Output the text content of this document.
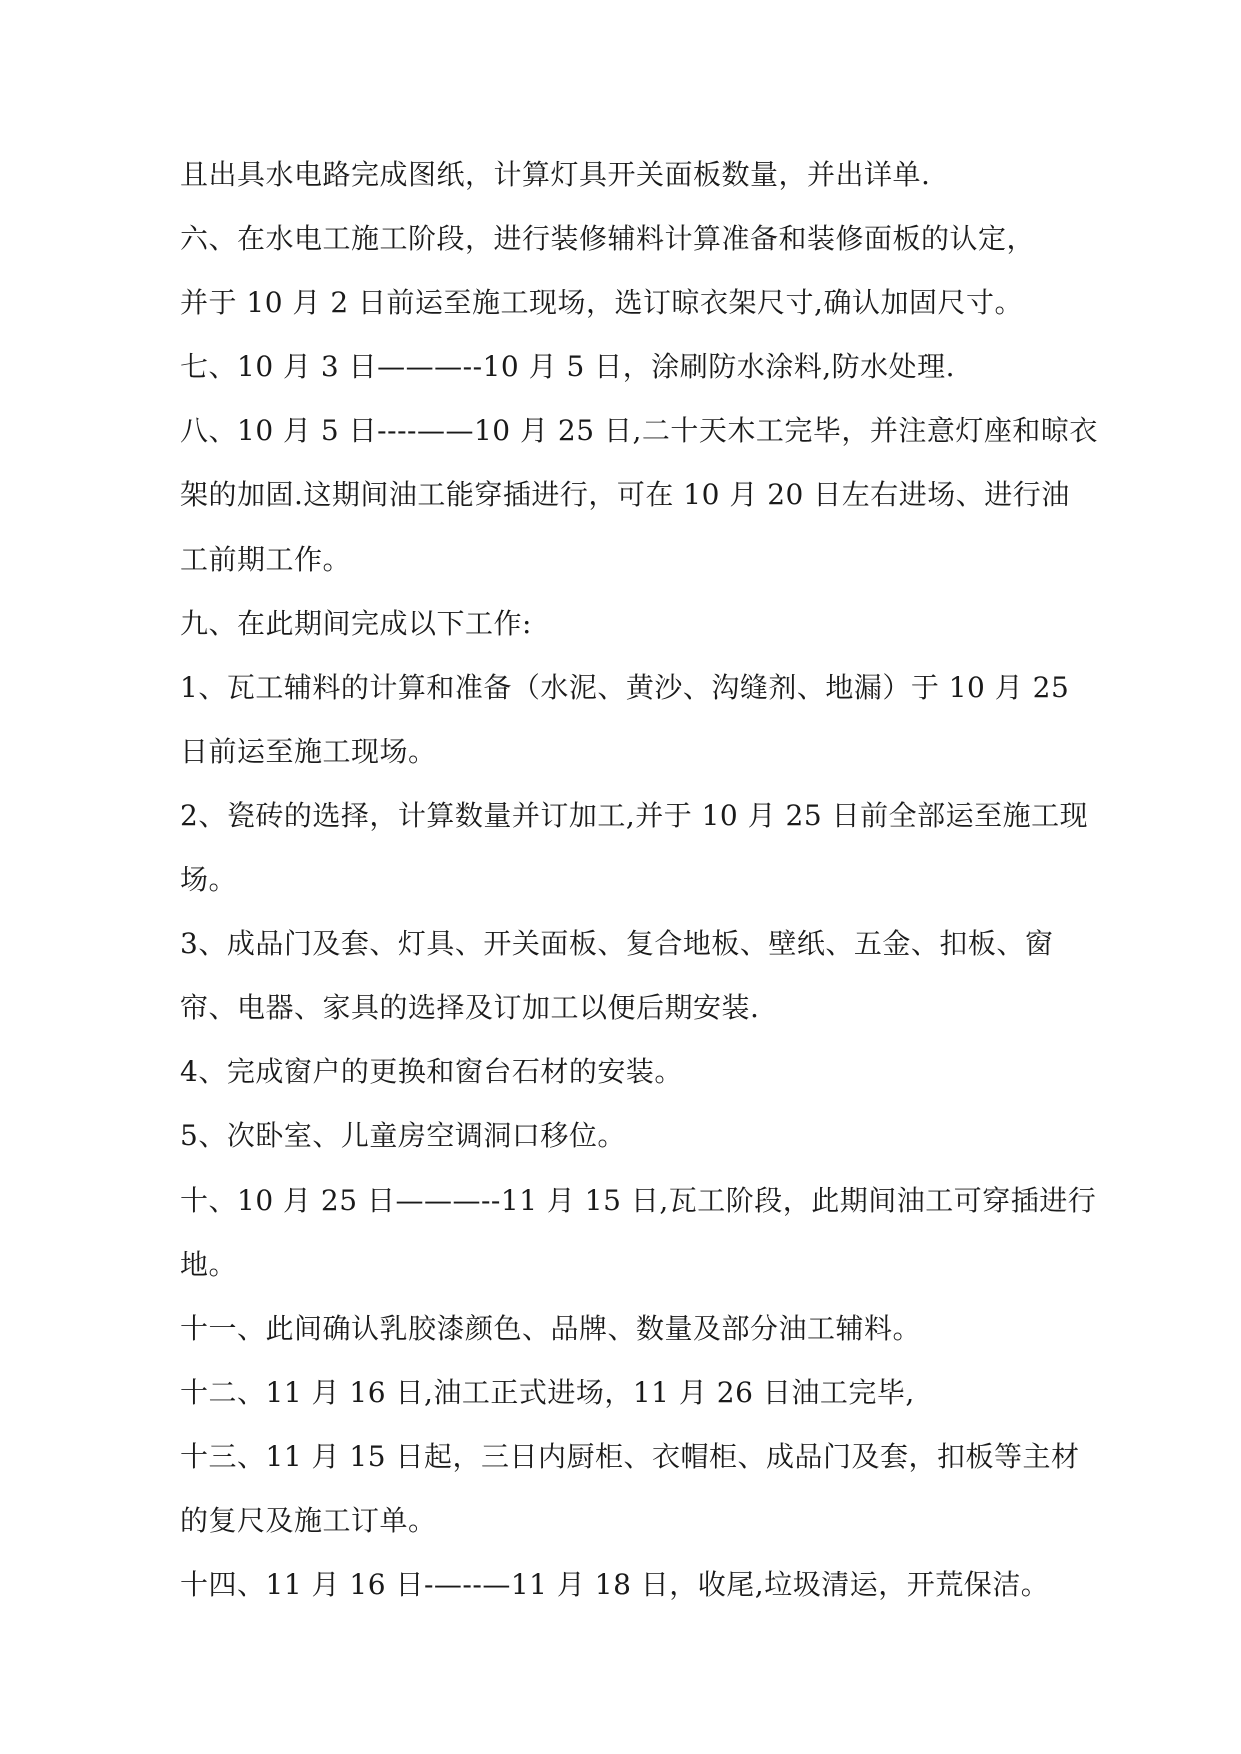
且出具水电路完成图纸，计算灯具开关面板数量，并出详单.
六、在水电工施工阶段，进行装修辅料计算准备和装修面板的认定，
并于 10 月 2 日前运至施工现场，选订晾衣架尺寸,确认加固尺寸。
七、10 月 3 日———--10 月 5 日，涂刷防水涂料,防水处理.
八、10 月 5 日----——10 月 25 日,二十天木工完毕，并注意灯座和晾衣
架的加固.这期间油工能穿插进行，可在 10 月 20 日左右进场、进行油
工前期工作。
九、在此期间完成以下工作:
1、瓦工辅料的计算和准备（水泥、黄沙、沟缝剂、地漏）于 10 月 25
日前运至施工现场。
2、瓷砖的选择，计算数量并订加工,并于 10 月 25 日前全部运至施工现
场。
3、成品门及套、灯具、开关面板、复合地板、壁纸、五金、扣板、窗
帘、电器、家具的选择及订加工以便后期安装.
4、完成窗户的更换和窗台石材的安装。
5、次卧室、儿童房空调洞口移位。
十、10 月 25 日———--11 月 15 日,瓦工阶段，此期间油工可穿插进行
地。
十一、此间确认乳胶漆颜色、品牌、数量及部分油工辅料。
十二、11 月 16 日,油工正式进场，11 月 26 日油工完毕,
十三、11 月 15 日起，三日内厨柜、衣帽柜、成品门及套，扣板等主材
的复尺及施工订单。
十四、11 月 16 日-—--—11 月 18 日，收尾,垃圾清运，开荒保洁。
